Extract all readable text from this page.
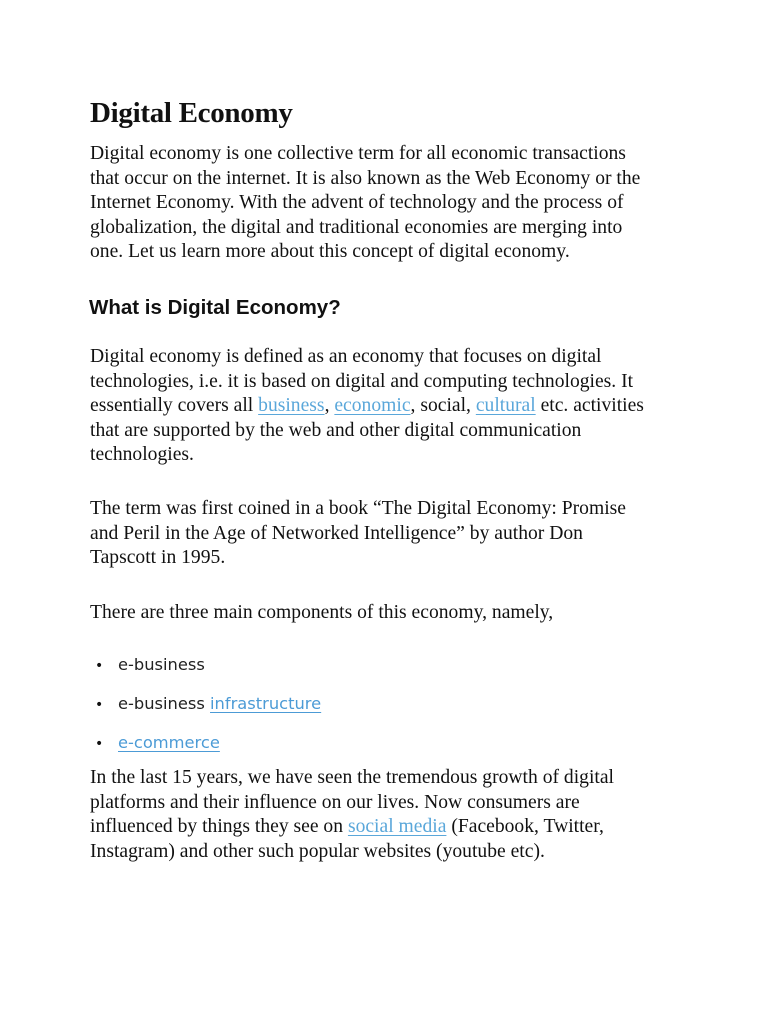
Digital Economy

Digital economy is one collective term for all economic transactions
that occur on the internet. It is also known as the Web Economy or the
Internet Economy. With the advent of technology and the process of
globalization, the digital and traditional economies are merging into
one. Let us learn more about this concept of digital economy.

What is Digital Economy?

Digital economy is defined as an economy that focuses on digital
technologies, i.e. it is based on digital and computing technologies. It
essentially covers all business, economic, social, cultural etc. activities
that are supported by the web and other digital communication
technologies.

The term was first coined in a book “The Digital Economy: Promise
and Peril in the Age of Networked Intelligence” by author Don
Tapscott in 1995.

There are three main components of this economy, namely,

• e-business
• e-business infrastructure
• e-commerce

In the last 15 years, we have seen the tremendous growth of digital
platforms and their influence on our lives. Now consumers are
influenced by things they see on social media (Facebook, Twitter,
Instagram) and other such popular websites (youtube etc).
